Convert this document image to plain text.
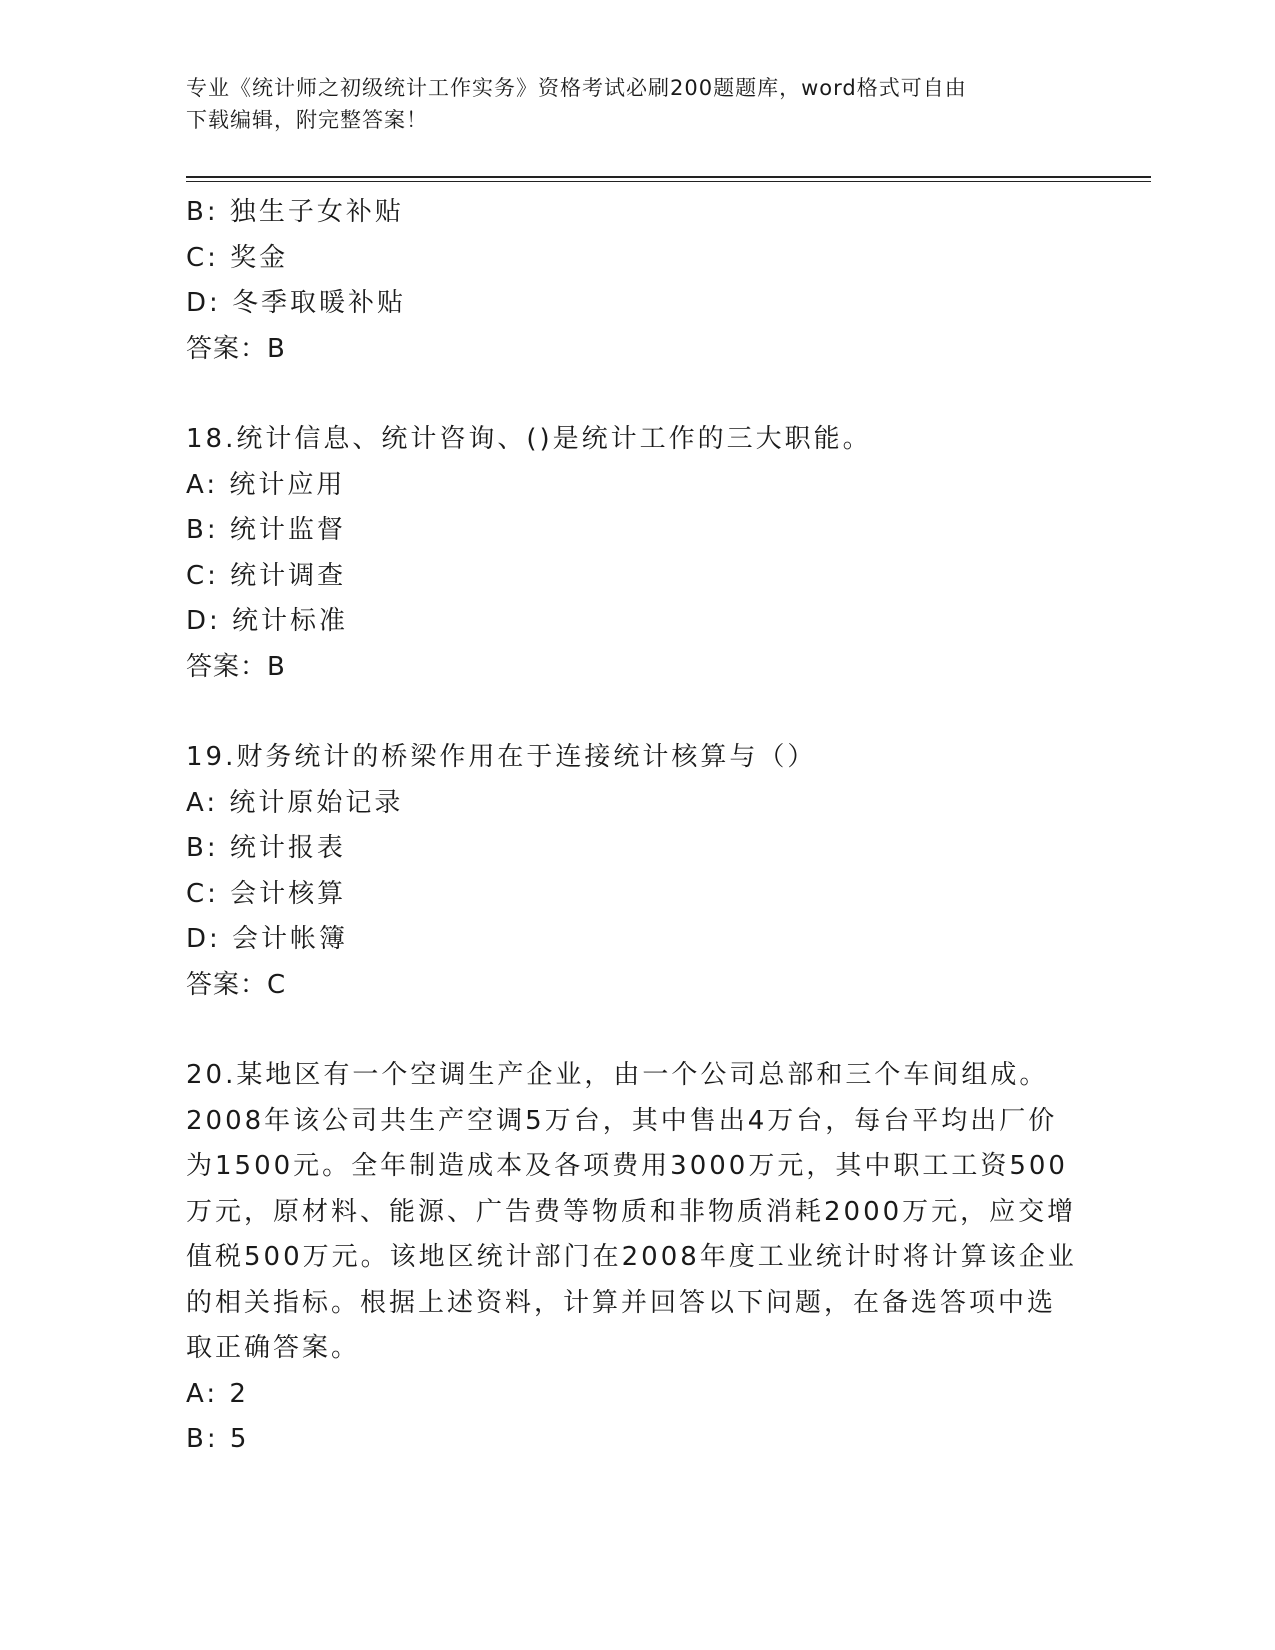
专业《统计师之初级统计工作实务》资格考试必刷200题题库，word格式可自由
下载编辑，附完整答案！
B: 独生子女补贴
C: 奖金
D: 冬季取暖补贴
答案：B
18.统计信息、统计咨询、()是统计工作的三大职能。
A: 统计应用
B: 统计监督
C: 统计调查
D: 统计标准
答案：B
19.财务统计的桥梁作用在于连接统计核算与（）
A: 统计原始记录
B: 统计报表
C: 会计核算
D: 会计帐簿
答案：C
20.某地区有一个空调生产企业，由一个公司总部和三个车间组成。
2008年该公司共生产空调5万台，其中售出4万台，每台平均出厂价
为1500元。全年制造成本及各项费用3000万元，其中职工工资500
万元，原材料、能源、广告费等物质和非物质消耗2000万元，应交增
值税500万元。该地区统计部门在2008年度工业统计时将计算该企业
的相关指标。根据上述资料，计算并回答以下问题，在备选答项中选
取正确答案。
A: 2
B: 5
